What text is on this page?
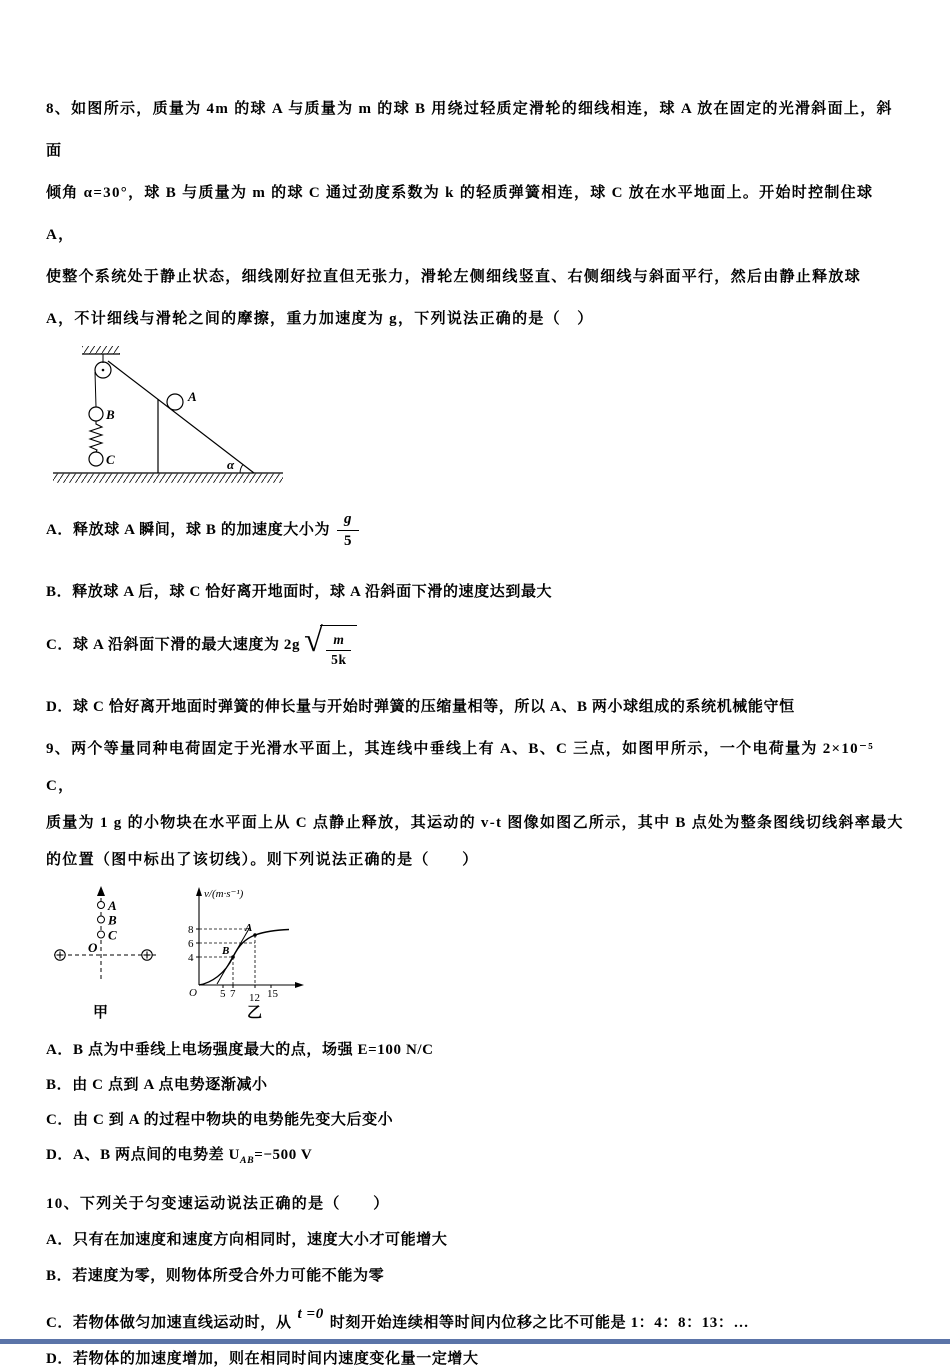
8、如图所示，质量为 4m 的球 A 与质量为 m 的球 B 用绕过轻质定滑轮的细线相连，球 A 放在固定的光滑斜面上，斜面

倾角 α=30°，球 B 与质量为 m 的球 C 通过劲度系数为 k 的轻质弹簧相连，球 C 放在水平地面上。开始时控制住球 A，

使整个系统处于静止状态，细线刚好拉直但无张力，滑轮左侧细线竖直、右侧细线与斜面平行，然后由静止释放球

A，不计细线与滑轮之间的摩擦，重力加速度为 g，下列说法正确的是（　）

B
C
A
α
A．释放球 A 瞬间，球 B 的加速度大小为 $\frac{g}{5}$
B．释放球 A 后，球 C 恰好离开地面时，球 A 沿斜面下滑的速度达到最大
C．球 A 沿斜面下滑的最大速度为 2g √ $\frac{m}{5k}$
D．球 C 恰好离开地面时弹簧的伸长量与开始时弹簧的压缩量相等，所以 A、B 两小球组成的系统机械能守恒

9、两个等量同种电荷固定于光滑水平面上，其连线中垂线上有 A、B、C 三点，如图甲所示，一个电荷量为 2×10⁻⁵ C，

质量为 1 g 的小物块在水平面上从 C 点静止释放，其运动的 v-t 图像如图乙所示，其中 B 点处为整条图线切线斜率最大

的位置（图中标出了该切线）。则下列说法正确的是（　　）

A
B
C
O
甲
v/(m·s⁻¹)
8
6
4
O 5 7 12 15
B
A
乙
A．B 点为中垂线上电场强度最大的点，场强 E=100 N/C
B．由 C 点到 A 点电势逐渐减小
C．由 C 到 A 的过程中物块的电势能先变大后变小
D．A、B 两点间的电势差 $U_{AB}=-500$ V
10、下列关于匀变速运动说法正确的是（　　）
A．只有在加速度和速度方向相同时，速度大小才可能增大
B．若速度为零，则物体所受合外力可能不能为零
C．若物体做匀加速直线运动时，从t =0时刻开始连续相等时间内位移之比不可能是 1：4：8：13：…
D．若物体的加速度增加，则在相同时间内速度变化量一定增大
